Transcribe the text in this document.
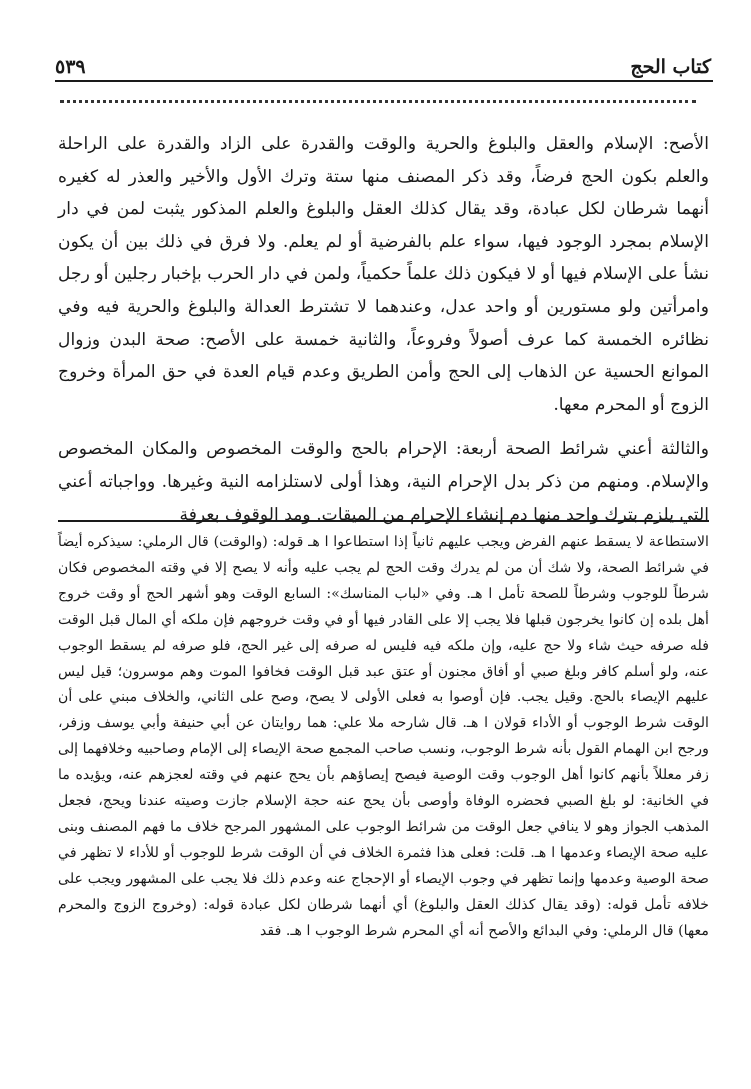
٥٣٩	كتاب الحج

الأصح: الإسلام والعقل والبلوغ والحرية والوقت والقدرة على الزاد والقدرة على الراحلة والعلم بكون الحج فرضاً، وقد ذكر المصنف منها ستة وترك الأول والأخير والعذر له كغيره أنهما شرطان لكل عبادة، وقد يقال كذلك العقل والبلوغ والعلم المذكور يثبت لمن في دار الإسلام بمجرد الوجود فيها، سواء علم بالفرضية أو لم يعلم. ولا فرق في ذلك بين أن يكون نشأ على الإسلام فيها أو لا فيكون ذلك علماً حكمياً، ولمن في دار الحرب بإخبار رجلين أو رجل وامرأتين ولو مستورين أو واحد عدل، وعندهما لا تشترط العدالة والبلوغ والحرية فيه وفي نظائره الخمسة كما عرف أصولاً وفروعاً، والثانية خمسة على الأصح: صحة البدن وزوال الموانع الحسية عن الذهاب إلى الحج وأمن الطريق وعدم قيام العدة في حق المرأة وخروج الزوج أو المحرم معها.

والثالثة أعني شرائط الصحة أربعة: الإحرام بالحج والوقت المخصوص والمكان المخصوص والإسلام. ومنهم من ذكر بدل الإحرام النية، وهذا أولى لاستلزامه النية وغيرها. وواجباته أعني التي يلزم بترك واحد منها دم إنشاء الإحرام من الميقات. ومد الوقوف بعرفة

الاستطاعة لا يسقط عنهم الفرض ويجب عليهم ثانياً إذا استطاعوا ا هـ قوله: (والوقت) قال الرملي: سيذكره أيضاً في شرائط الصحة، ولا شك أن من لم يدرك وقت الحج لم يجب عليه وأنه لا يصح إلا في وقته المخصوص فكان شرطاً للوجوب وشرطاً للصحة تأمل ا هـ. وفي «لباب المناسك»: السابع الوقت وهو أشهر الحج أو وقت خروج أهل بلده إن كانوا يخرجون قبلها فلا يجب إلا على القادر فيها أو في وقت خروجهم فإن ملكه أي المال قبل الوقت فله صرفه حيث شاء ولا حج عليه، وإن ملكه فيه فليس له صرفه إلى غير الحج، فلو صرفه لم يسقط الوجوب عنه، ولو أسلم كافر وبلغ صبي أو أفاق مجنون أو عتق عبد قبل الوقت فخافوا الموت وهم موسرون؛ قيل ليس عليهم الإيصاء بالحج. وقيل يجب. فإن أوصوا به فعلى الأولى لا يصح، وصح على الثاني، والخلاف مبني على أن الوقت شرط الوجوب أو الأداء قولان ا هـ. قال شارحه ملا علي: هما روايتان عن أبي حنيفة وأبي يوسف وزفر، ورجح ابن الهمام القول بأنه شرط الوجوب، ونسب صاحب المجمع صحة الإيصاء إلى الإمام وصاحبيه وخلافهما إلى زفر معللاً بأنهم كانوا أهل الوجوب وقت الوصية فيصح إيصاؤهم بأن يحج عنهم في وقته لعجزهم عنه، ويؤيده ما في الخانية: لو بلغ الصبي فحضره الوفاة وأوصى بأن يحج عنه حجة الإسلام جازت وصيته عندنا ويحج، فجعل المذهب الجواز وهو لا ينافي جعل الوقت من شرائط الوجوب على المشهور المرجح خلاف ما فهم المصنف وبنى عليه صحة الإيصاء وعدمها ا هـ. قلت: فعلى هذا فثمرة الخلاف في أن الوقت شرط للوجوب أو للأداء لا تظهر في صحة الوصية وعدمها وإنما تظهر في وجوب الإيصاء أو الإحجاج عنه وعدم ذلك فلا يجب على المشهور ويجب على خلافه تأمل قوله: (وقد يقال كذلك العقل والبلوغ) أي أنهما شرطان لكل عبادة قوله: (وخروج الزوج والمحرم معها) قال الرملي: وفي البدائع والأصح أنه أي المحرم شرط الوجوب ا هـ. فقد
